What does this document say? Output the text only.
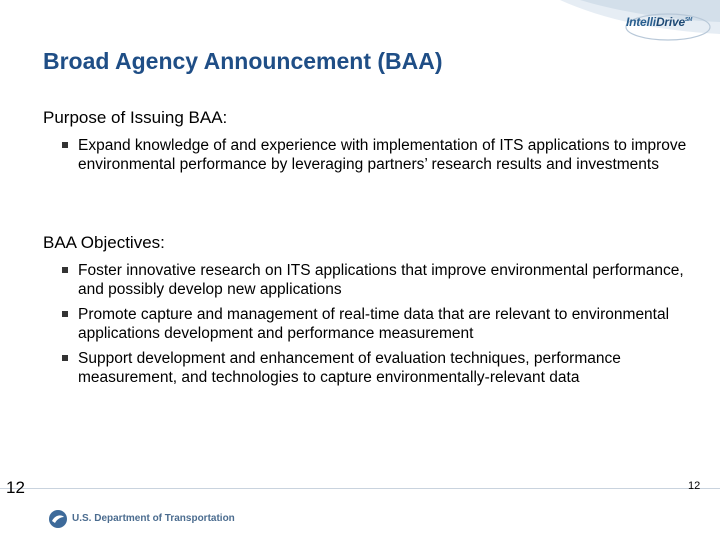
IntelliDrive℠
Broad Agency Announcement (BAA)

Purpose of Issuing BAA:

Expand knowledge of and experience with implementation of ITS applications to improve environmental performance by leveraging partners’ research results and investments

BAA Objectives:

Foster innovative research on ITS applications that improve environmental performance, and possibly develop new applications
Promote capture and management of real-time data that are relevant to environmental applications development and performance measurement
Support development and enhancement of evaluation techniques, performance measurement, and technologies to capture environmentally-relevant data
12
U.S. Department of Transportation
12
